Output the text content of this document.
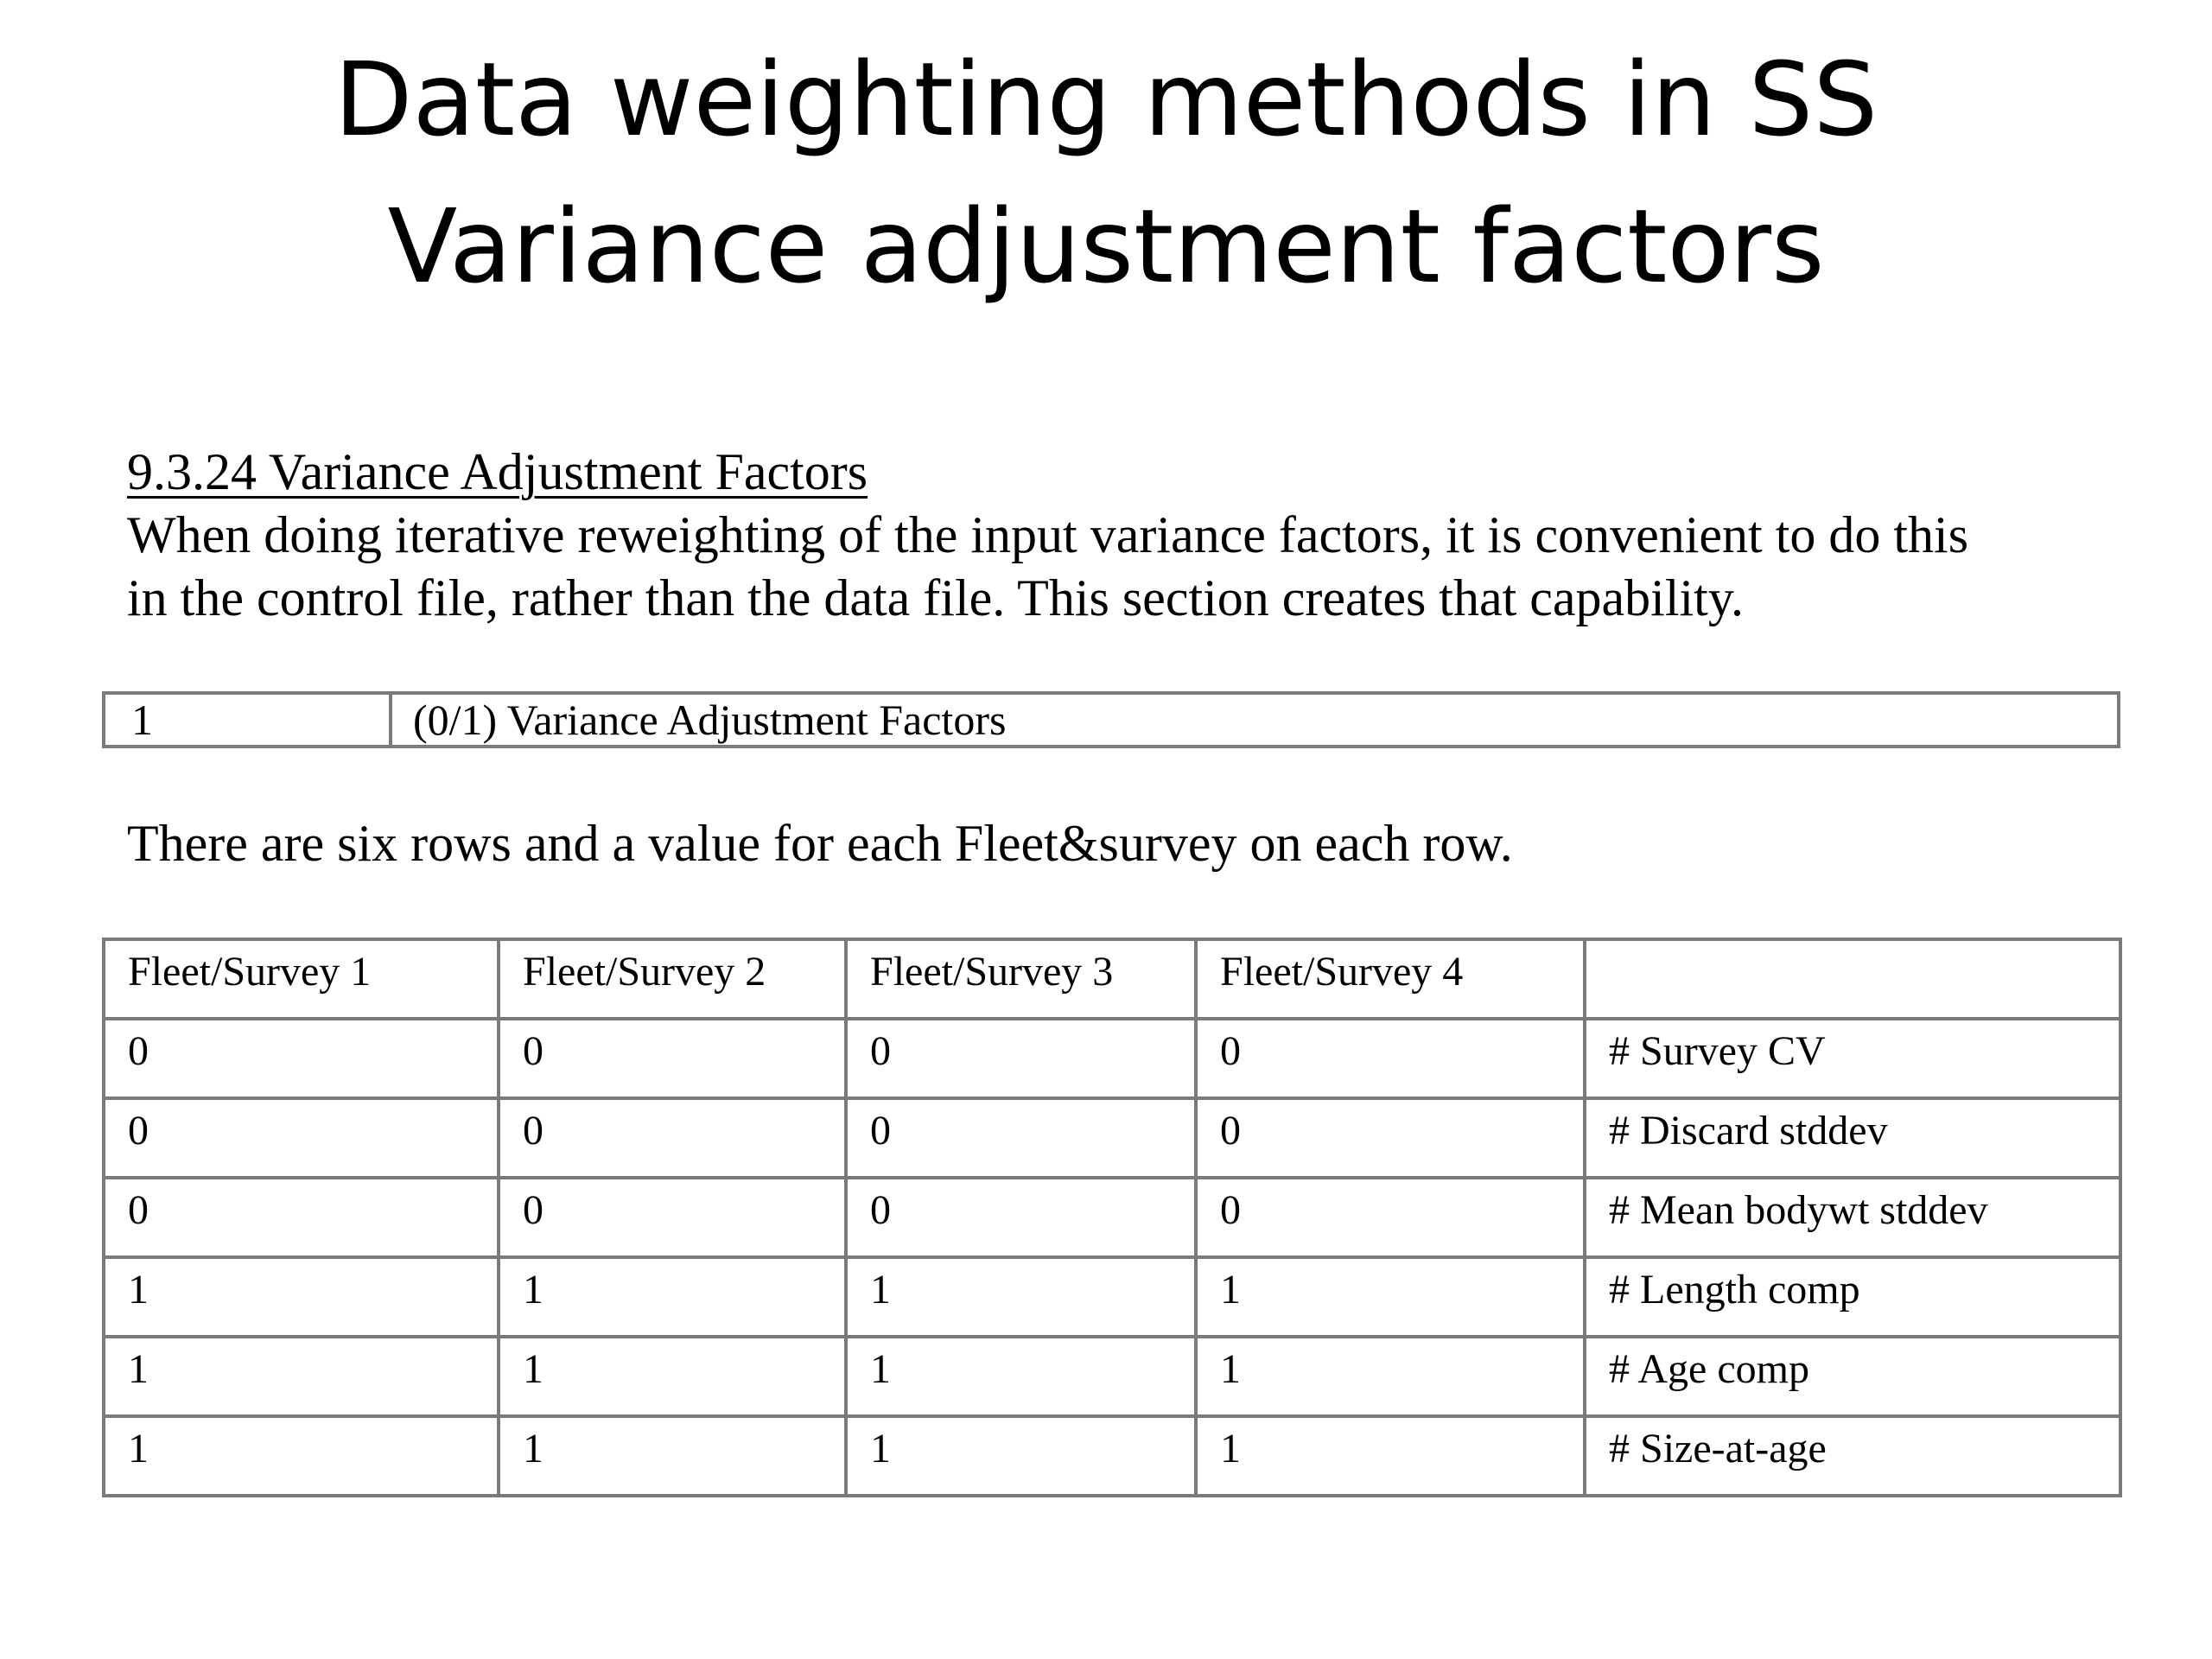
Data weighting methods in SS
Variance adjustment factors
9.3.24 Variance Adjustment Factors
When doing iterative reweighting of the input variance factors, it is convenient to do this
in the control file, rather than the data file. This section creates that capability.
1	(0/1) Variance Adjustment Factors
There are six rows and a value for each Fleet&survey on each row.
Fleet/Survey 1	Fleet/Survey 2	Fleet/Survey 3	Fleet/Survey 4	
0	0	0	0	# Survey CV
0	0	0	0	# Discard stddev
0	0	0	0	# Mean bodywt stddev
1	1	1	1	# Length comp
1	1	1	1	# Age comp
1	1	1	1	# Size-at-age
